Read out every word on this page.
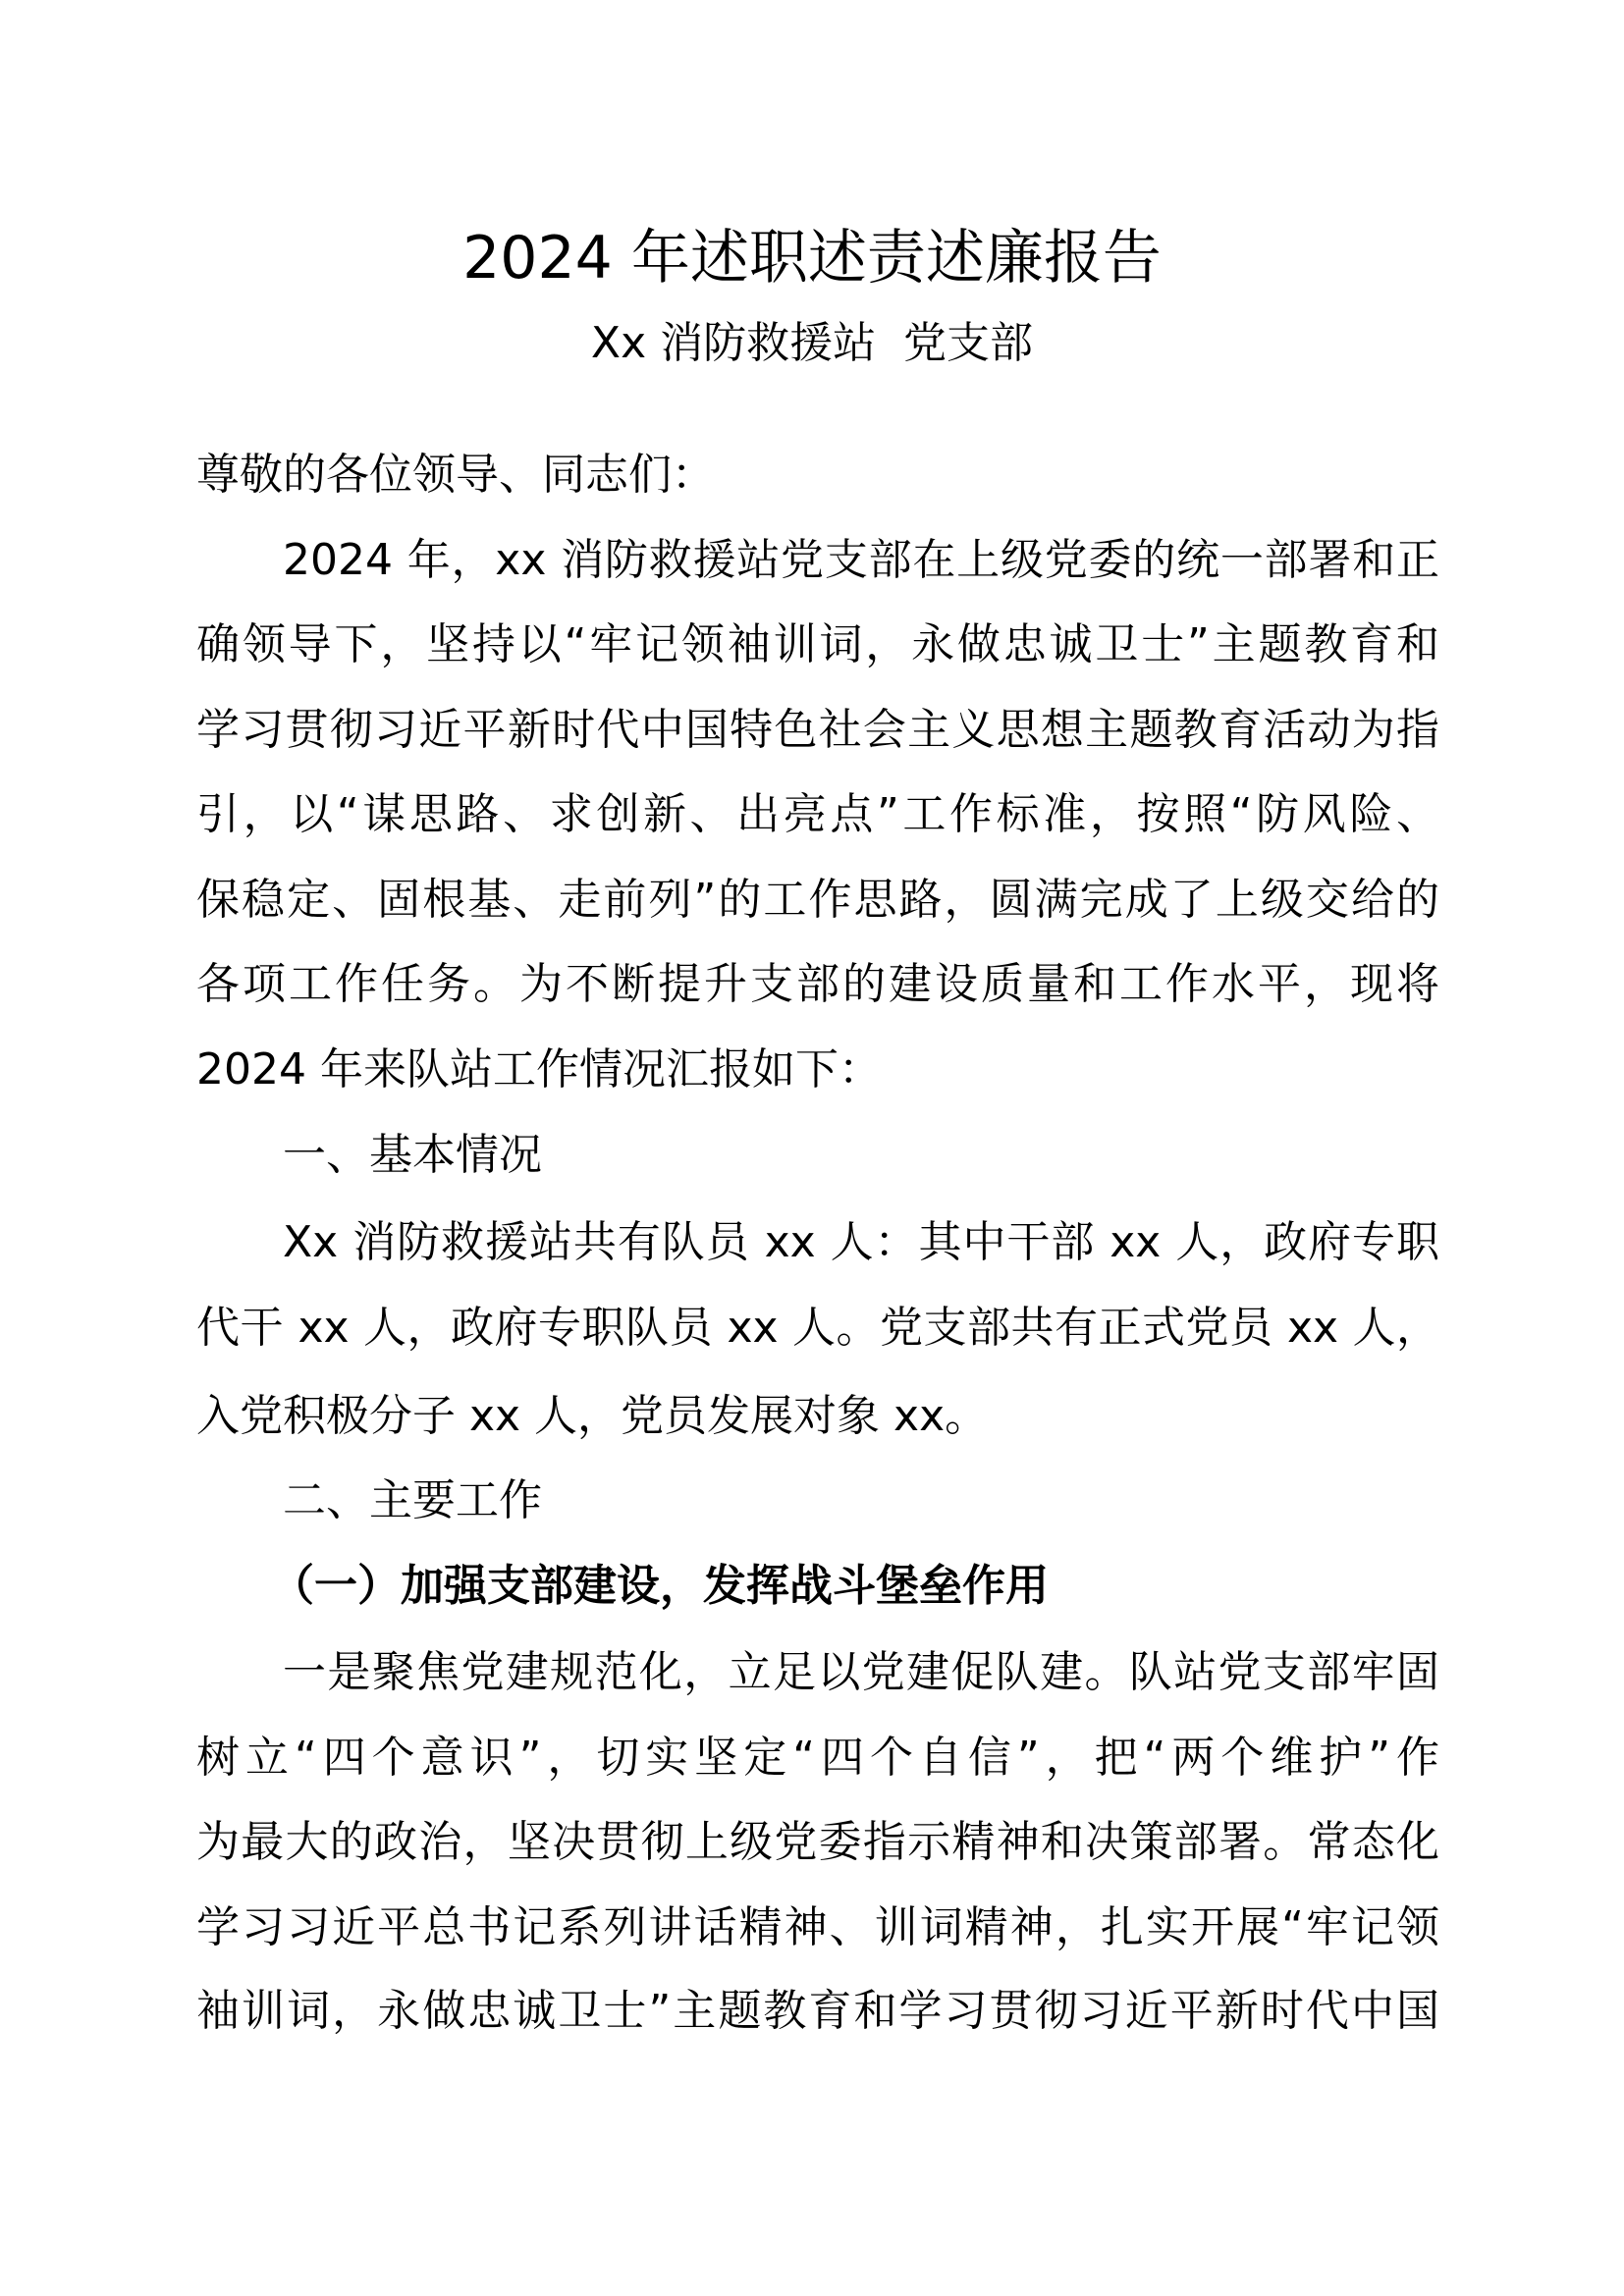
2024 年述职述责述廉报告
Xx 消防救援站  党支部
尊敬的各位领导、同志们：
2024 年，xx 消防救援站党支部在上级党委的统一部署和正
确领导下，坚持以“牢记领袖训词，永做忠诚卫士”主题教育和
学习贯彻习近平新时代中国特色社会主义思想主题教育活动为指
引，以“谋思路、求创新、出亮点”工作标准，按照“防风险、
保稳定、固根基、走前列”的工作思路，圆满完成了上级交给的
各项工作任务。为不断提升支部的建设质量和工作水平，现将
2024 年来队站工作情况汇报如下：
一、基本情况
Xx 消防救援站共有队员 xx 人：其中干部 xx 人，政府专职
代干 xx 人，政府专职队员 xx 人。党支部共有正式党员 xx 人，
入党积极分子 xx 人，党员发展对象 xx。
二、主要工作
（一）加强支部建设，发挥战斗堡垒作用
一是聚焦党建规范化，立足以党建促队建。队站党支部牢固
树立“四个意识”，切实坚定“四个自信”，把“两个维护”作
为最大的政治，坚决贯彻上级党委指示精神和决策部署。常态化
学习习近平总书记系列讲话精神、训词精神，扎实开展“牢记领
袖训词，永做忠诚卫士”主题教育和学习贯彻习近平新时代中国
